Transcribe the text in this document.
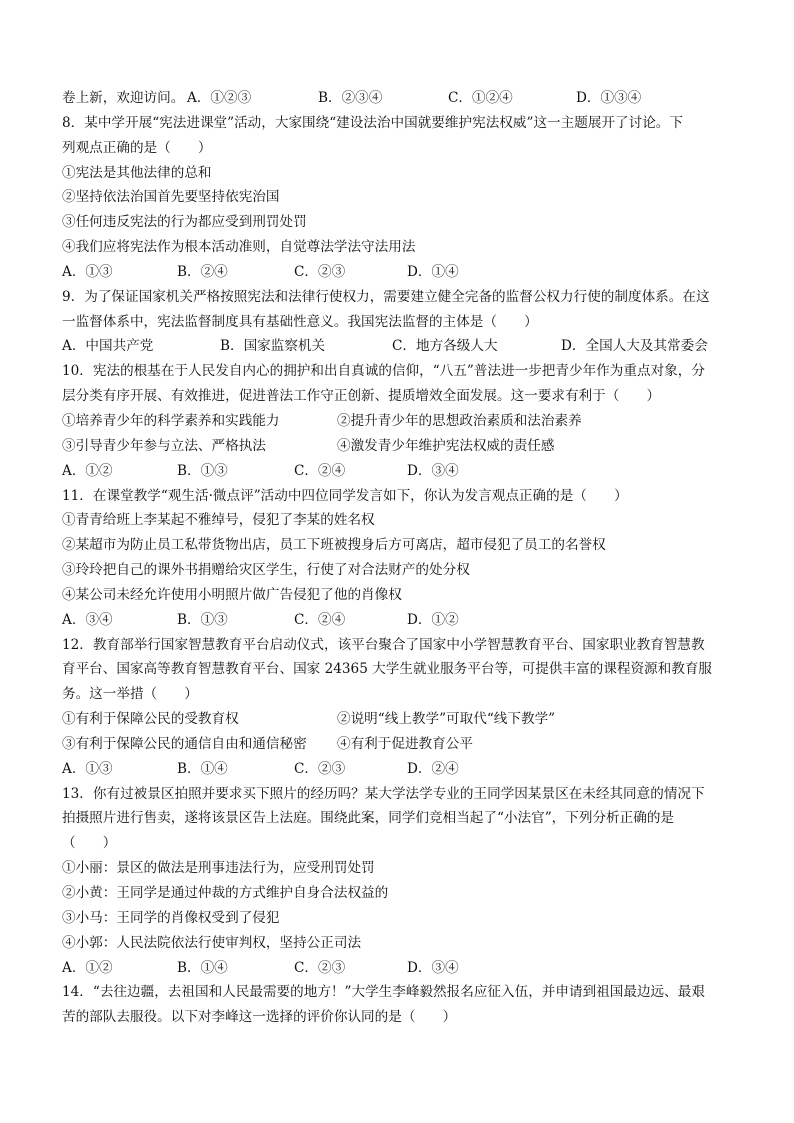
卷上新，欢迎访问。 A．①②③	B．②③④	C．①②④	D．①③④
8．某中学开展“宪法进课堂”活动，大家围绕“建设法治中国就要维护宪法权威”这一主题展开了讨论。下
列观点正确的是（　　）
①宪法是其他法律的总和
②坚持依法治国首先要坚持依宪治国
③任何违反宪法的行为都应受到刑罚处罚
④我们应将宪法作为根本活动准则，自觉尊法学法守法用法
A．①③	B．②④	C．②③	D．①④
9．为了保证国家机关严格按照宪法和法律行使权力，需要建立健全完备的监督公权力行使的制度体系。在这
一监督体系中，宪法监督制度具有基础性意义。我国宪法监督的主体是（　　）
A．中国共产党	B．国家监察机关	C．地方各级人大	D．全国人大及其常委会
10．宪法的根基在于人民发自内心的拥护和出自真诚的信仰，“八五”普法进一步把青少年作为重点对象，分
层分类有序开展、有效推进，促进普法工作守正创新、提质增效全面发展。这一要求有利于（　　）
①培养青少年的科学素养和实践能力	②提升青少年的思想政治素质和法治素养
③引导青少年参与立法、严格执法	④激发青少年维护宪法权威的责任感
A．①②	B．①③	C．②④	D．③④
11．在课堂教学“观生活·微点评”活动中四位同学发言如下，你认为发言观点正确的是（　　）
①青青给班上李某起不雅绰号，侵犯了李某的姓名权
②某超市为防止员工私带货物出店，员工下班被搜身后方可离店，超市侵犯了员工的名誉权
③玲玲把自己的课外书捐赠给灾区学生，行使了对合法财产的处分权
④某公司未经允许使用小明照片做广告侵犯了他的肖像权
A．③④	B．①③	C．②④	D．①②
12．教育部举行国家智慧教育平台启动仪式，该平台聚合了国家中小学智慧教育平台、国家职业教育智慧教
育平台、国家高等教育智慧教育平台、国家 24365 大学生就业服务平台等，可提供丰富的课程资源和教育服
务。这一举措（　　）
①有利于保障公民的受教育权	②说明“线上教学”可取代“线下教学”
③有利于保障公民的通信自由和通信秘密 ④有利于促进教育公平
A．①③	B．①④	C．②③	D．②④
13．你有过被景区拍照并要求买下照片的经历吗？某大学法学专业的王同学因某景区在未经其同意的情况下
拍摄照片进行售卖，遂将该景区告上法庭。围绕此案，同学们竞相当起了“小法官”，下列分析正确的是
（　　）
①小丽：景区的做法是刑事违法行为，应受刑罚处罚
②小黄：王同学是通过仲裁的方式维护自身合法权益的
③小马：王同学的肖像权受到了侵犯
④小郭：人民法院依法行使审判权，坚持公正司法
A．①②	B．①④	C．②③	D．③④
14．“去往边疆，去祖国和人民最需要的地方！”大学生李峰毅然报名应征入伍，并申请到祖国最边远、最艰
苦的部队去服役。以下对李峰这一选择的评价你认同的是（　　）
